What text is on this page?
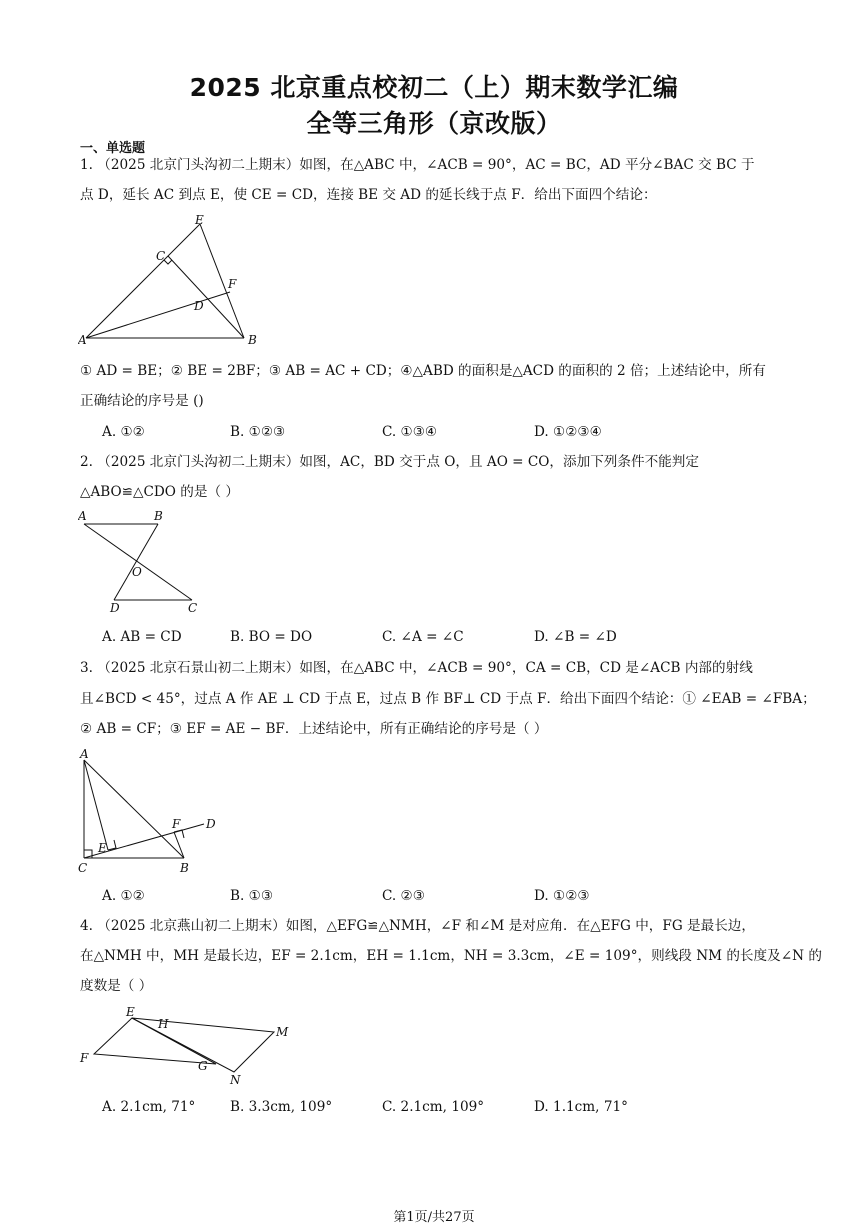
2025 北京重点校初二（上）期末数学汇编
全等三角形（京改版）
一、单选题
1. （2025 北京门头沟初二上期末）如图，在△ABC 中，∠ACB = 90°，AC = BC，AD 平分∠BAC 交 BC 于
点 D，延长 AC 到点 E，使 CE = CD，连接 BE 交 AD 的延长线于点 F．给出下面四个结论：
E
C
F
D
A	B
① AD = BE；② BE = 2BF；③ AB = AC + CD；④△ABD 的面积是△ACD 的面积的 2 倍；上述结论中，所有
正确结论的序号是 ()
A. ①②	B. ①②③	C. ①③④	D. ①②③④
2. （2025 北京门头沟初二上期末）如图，AC，BD 交于点 O，且 AO = CO，添加下列条件不能判定
△ABO≌△CDO 的是（ ）
A	B
O
D	C
A. AB = CD	B. BO = DO	C. ∠A = ∠C	D. ∠B = ∠D
3. （2025 北京石景山初二上期末）如图，在△ABC 中，∠ACB = 90°，CA = CB，CD 是∠ACB 内部的射线
且∠BCD < 45°，过点 A 作 AE ⊥ CD 于点 E，过点 B 作 BF⊥ CD 于点 F．给出下面四个结论：① ∠EAB = ∠FBA；
② AB = CF；③ EF = AE − BF．上述结论中，所有正确结论的序号是（ ）
A
F D
E
C	B
A. ①②	B. ①③	C. ②③	D. ①②③
4. （2025 北京燕山初二上期末）如图，△EFG≌△NMH，∠F 和∠M 是对应角．在△EFG 中，FG 是最长边，
在△NMH 中，MH 是最长边，EF = 2.1cm，EH = 1.1cm，NH = 3.3cm，∠E = 109°，则线段 NM 的长度及∠N 的
度数是（ ）
E
H
M
F
G
N
A. 2.1cm, 71°	B. 3.3cm, 109°	C. 2.1cm, 109°	D. 1.1cm, 71°
第1页/共27页
